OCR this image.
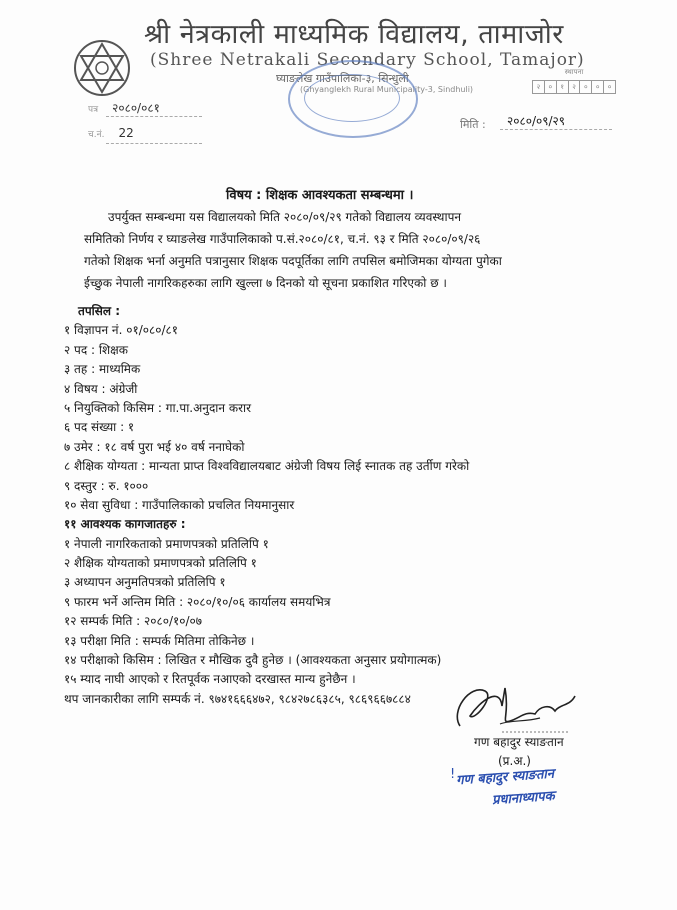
श्री नेत्रकाली माध्यमिक विद्यालय, तामाजोर
(Shree Netrakali Secondary School, Tamajor)
घ्याङलेख गाउँपालिका-३, सिन्धुली
(Ghyanglekh Rural Municipality-3, Sindhuli)
स्थापना
२	०	१	२	०	०	०
पत्र २०८०/०८१
च.नं. 22
मिति : २०८०/०९/२९
विषय : शिक्षक आवश्यकता सम्बन्धमा ।
उपर्युक्त सम्बन्धमा यस विद्यालयको मिति २०८०/०९/२९ गतेको विद्यालय व्यवस्थापन
समितिको निर्णय र घ्याङलेख गाउँपालिकाको प.सं.२०८०/८१, च.नं. ९३ र मिति २०८०/०९/२६
गतेको शिक्षक भर्ना अनुमति पत्रानुसार शिक्षक पदपूर्तिका लागि तपसिल बमोजिमका योग्यता पुगेका
ईच्छुक नेपाली नागरिकहरुका लागि खुल्ला ७ दिनको यो सूचना प्रकाशित गरिएको छ ।
तपसिल :
१ विज्ञापन नं. ०१/०८०/८१
२ पद : शिक्षक
३ तह : माध्यमिक
४ विषय : अंग्रेजी
५ नियुक्तिको किसिम : गा.पा.अनुदान करार
६ पद संख्या : १
७ उमेर : १८ वर्ष पुरा भई ४० वर्ष ननाघेको
८ शैक्षिक योग्यता : मान्यता प्राप्त विश्वविद्यालयबाट अंग्रेजी विषय लिई स्नातक तह उर्तीण गरेको
९ दस्तुर : रु. १०००
१० सेवा सुविधा : गाउँपालिकाको प्रचलित नियमानुसार
११ आवश्यक कागजातहरु :
१ नेपाली नागरिकताको प्रमाणपत्रको प्रतिलिपि १
२ शैक्षिक योग्यताको प्रमाणपत्रको प्रतिलिपि १
३ अध्यापन अनुमतिपत्रको प्रतिलिपि १
९ फारम भर्ने अन्तिम मिति : २०८०/१०/०६ कार्यालय समयभित्र
१२ सम्पर्क मिति : २०८०/१०/०७
१३ परीक्षा मिति : सम्पर्क मितिमा तोकिनेछ ।
१४ परीक्षाको किसिम : लिखित र मौखिक दुवै हुनेछ । (आवश्यकता अनुसार प्रयोगात्मक)
१५ म्याद नाघी आएको र रितपूर्वक नआएको दरखास्त मान्य हुनेछैन ।
थप जानकारीका लागि सम्पर्क नं. ९७४१६६६४७२, ९८४२७८६३८५, ९८६९६६७८८४
गण बहादुर स्याङतान
(प्र.अ.)
! गण बहादुर स्याङतान
प्रधानाध्यापक
